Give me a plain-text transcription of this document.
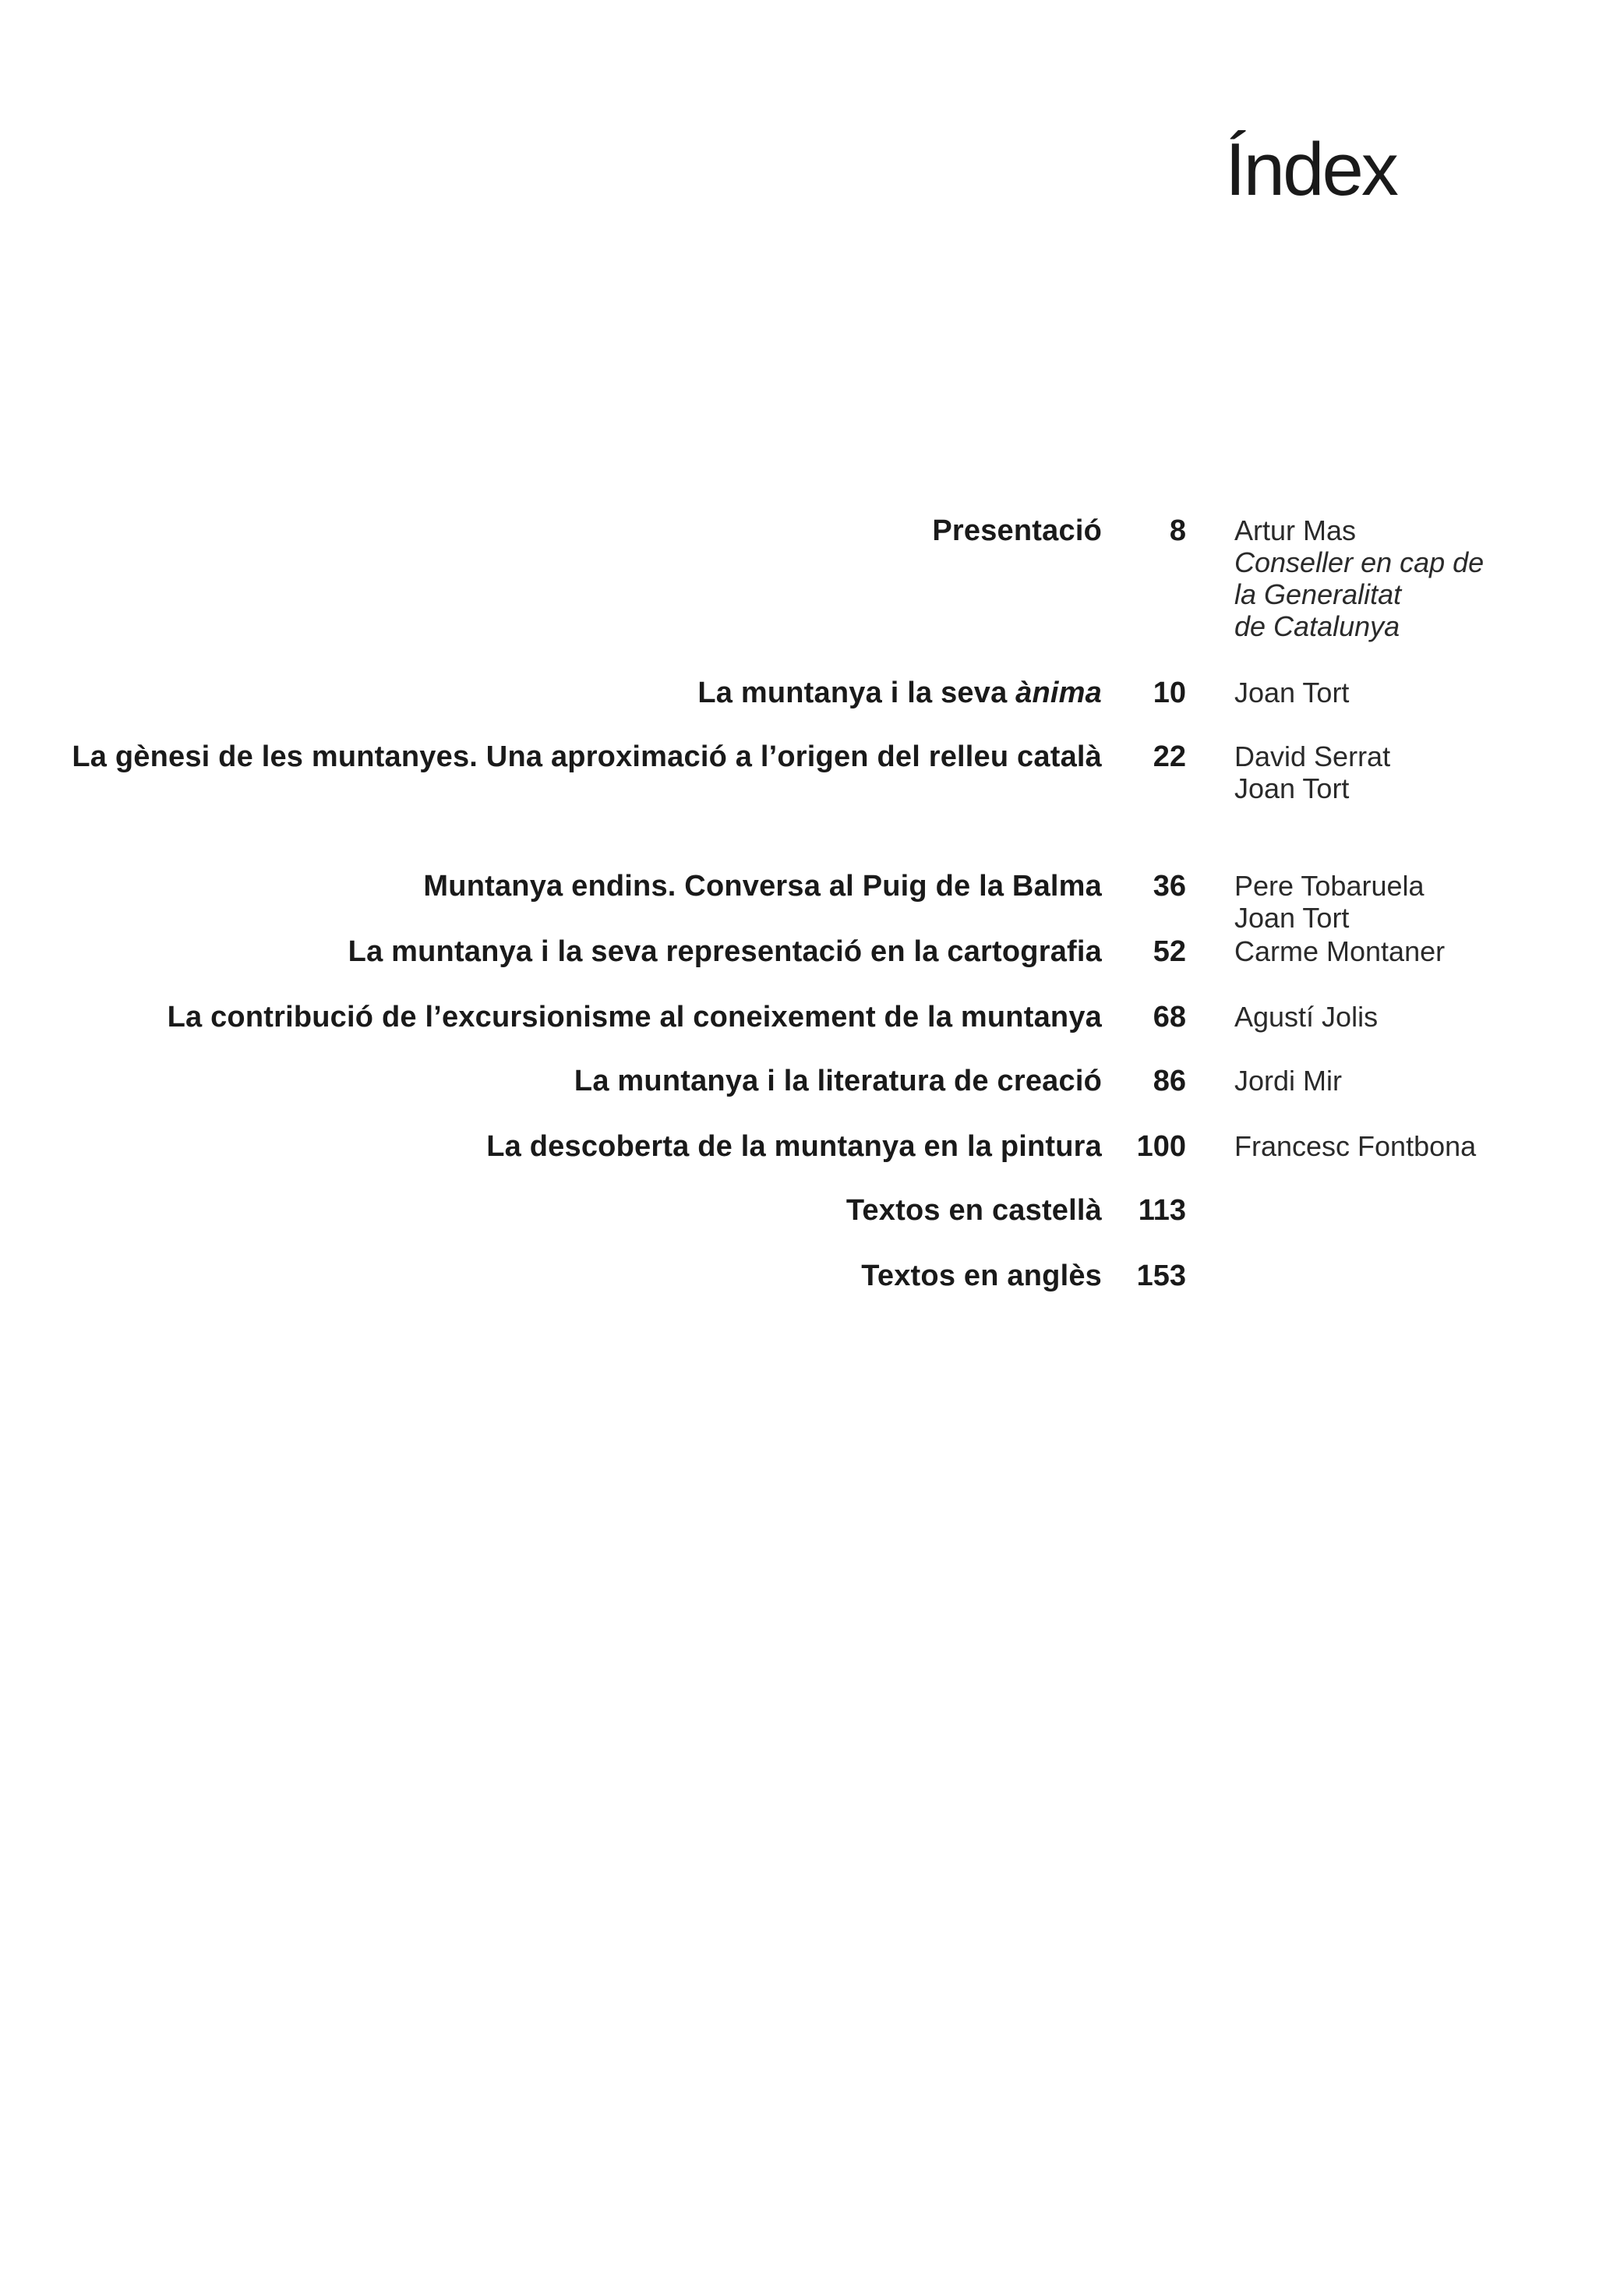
Índex
Presentació 8 Artur Mas
Conseller en cap de
la Generalitat
de Catalunya
La muntanya i la seva ànima 10 Joan Tort
La gènesi de les muntanyes. Una aproximació a l’origen del relleu català 22 David Serrat
Joan Tort
Muntanya endins. Conversa al Puig de la Balma 36 Pere Tobaruela
Joan Tort
La muntanya i la seva representació en la cartografia 52 Carme Montaner
La contribució de l’excursionisme al coneixement de la muntanya 68 Agustí Jolis
La muntanya i la literatura de creació 86 Jordi Mir
La descoberta de la muntanya en la pintura 100 Francesc Fontbona
Textos en castellà 113
Textos en anglès 153
